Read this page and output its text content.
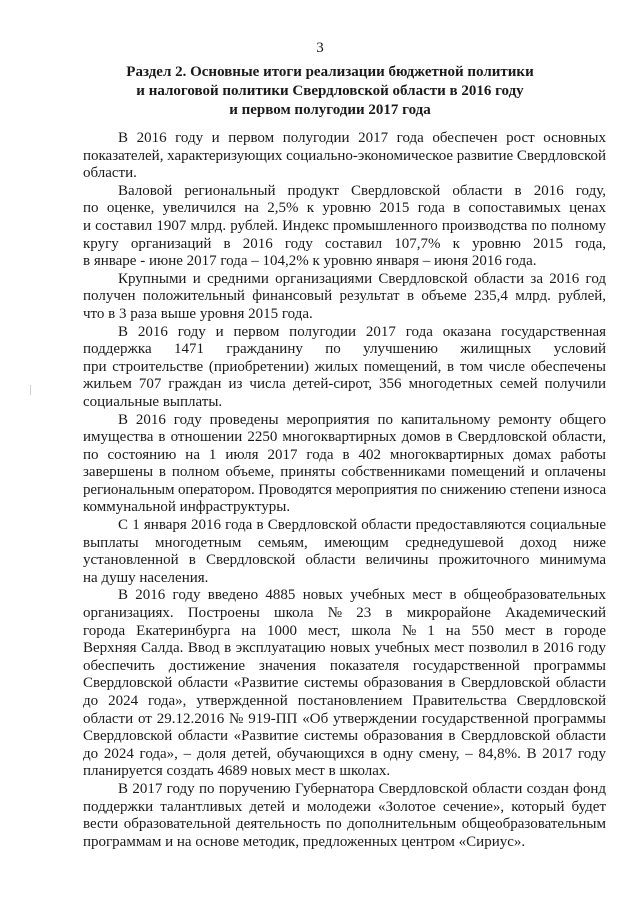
3
Раздел 2. Основные итоги реализации бюджетной политики
и налоговой политики Свердловской области в 2016 году
и первом полугодии 2017 года
В 2016 году и первом полугодии 2017 года обеспечен рост основных
показателей, характеризующих социально-экономическое развитие Свердловской
области.
Валовой региональный продукт Свердловской области в 2016 году,
по оценке, увеличился на 2,5% к уровню 2015 года в сопоставимых ценах
и составил 1907 млрд. рублей. Индекс промышленного производства по полному
кругу организаций в 2016 году составил 107,7% к уровню 2015 года,
в январе - июне 2017 года – 104,2% к уровню января – июня 2016 года.
Крупными и средними организациями Свердловской области за 2016 год
получен положительный финансовый результат в объеме 235,4 млрд. рублей,
что в 3 раза выше уровня 2015 года.
В 2016 году и первом полугодии 2017 года оказана государственная
поддержка 1471 гражданину по улучшению жилищных условий
при строительстве (приобретении) жилых помещений, в том числе обеспечены
жильем 707 граждан из числа детей-сирот, 356 многодетных семей получили
социальные выплаты.
В 2016 году проведены мероприятия по капитальному ремонту общего
имущества в отношении 2250 многоквартирных домов в Свердловской области,
по состоянию на 1 июля 2017 года в 402 многоквартирных домах работы
завершены в полном объеме, приняты собственниками помещений и оплачены
региональным оператором. Проводятся мероприятия по снижению степени износа
коммунальной инфраструктуры.
С 1 января 2016 года в Свердловской области предоставляются социальные
выплаты многодетным семьям, имеющим среднедушевой доход ниже
установленной в Свердловской области величины прожиточного минимума
на душу населения.
В 2016 году введено 4885 новых учебных мест в общеобразовательных
организациях. Построены школа № 23 в микрорайоне Академический
города Екатеринбурга на 1000 мест, школа № 1 на 550 мест в городе
Верхняя Салда. Ввод в эксплуатацию новых учебных мест позволил в 2016 году
обеспечить достижение значения показателя государственной программы
Свердловской области «Развитие системы образования в Свердловской области
до 2024 года», утвержденной постановлением Правительства Свердловской
области от 29.12.2016 № 919-ПП «Об утверждении государственной программы
Свердловской области «Развитие системы образования в Свердловской области
до 2024 года», – доля детей, обучающихся в одну смену, – 84,8%. В 2017 году
планируется создать 4689 новых мест в школах.
В 2017 году по поручению Губернатора Свердловской области создан фонд
поддержки талантливых детей и молодежи «Золотое сечение», который будет
вести образовательной деятельность по дополнительным общеобразовательным
программам и на основе методик, предложенных центром «Сириус».
